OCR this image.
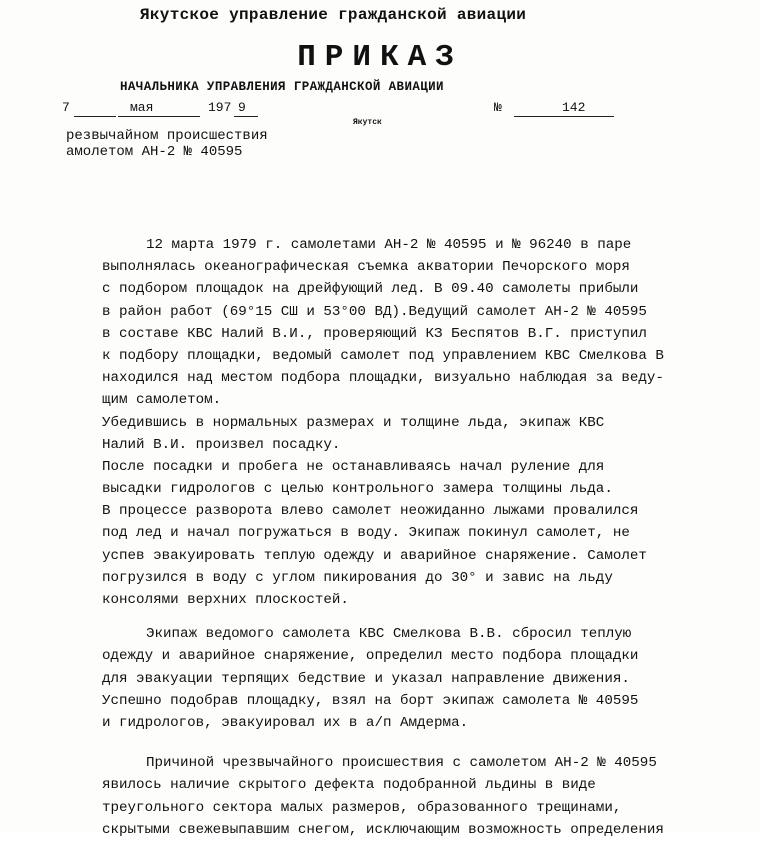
Якутское управление гражданской авиации
ПРИКАЗ
НАЧАЛЬНИКА УПРАВЛЕНИЯ ГРАЖДАНСКОЙ АВИАЦИИ
7	мая	197 9	№	142
Якутск
резвычайном происшествия
амолетом АН-2 № 40595
12 марта 1979 г. самолетами АН-2 № 40595 и № 96240 в паре
выполнялась океанографическая съемка акватории Печорского моря
с подбором площадок на дрейфующий лед. В 09.40 самолеты прибыли
в район работ (69°15 СШ и 53°00 ВД).Ведущий самолет АН-2 № 40595
в составе КВС Налий В.И., проверяющий КЗ Беспятов В.Г. приступил
к подбору площадки, ведомый самолет под управлением КВС Смелкова В
находился над местом подбора площадки, визуально наблюдая за веду-
щим самолетом.
Убедившись в нормальных размерах и толщине льда, экипаж КВС
Налий В.И. произвел посадку.
После посадки и пробега не останавливаясь начал руление для
высадки гидрологов с целью контрольного замера толщины льда.
В процессе разворота влево самолет неожиданно лыжами провалился
под лед и начал погружаться в воду. Экипаж покинул самолет, не
успев эвакуировать теплую одежду и аварийное снаряжение. Самолет
погрузился в воду с углом пикирования до 30° и завис на льду
консолями верхних плоскостей.
Экипаж ведомого самолета КВС Смелкова В.В. сбросил теплую
одежду и аварийное снаряжение, определил место подбора площадки
для эвакуации терпящих бедствие и указал направление движения.
Успешно подобрав площадку, взял на борт экипаж самолета № 40595
и гидрологов, эвакуировал их в а/п Амдерма.
Причиной чрезвычайного происшествия с самолетом АН-2 № 40595
явилось наличие скрытого дефекта подобранной льдины в виде
треугольного сектора малых размеров, образованного трещинами,
скрытыми свежевыпавшим снегом, исключающим возможность определения
